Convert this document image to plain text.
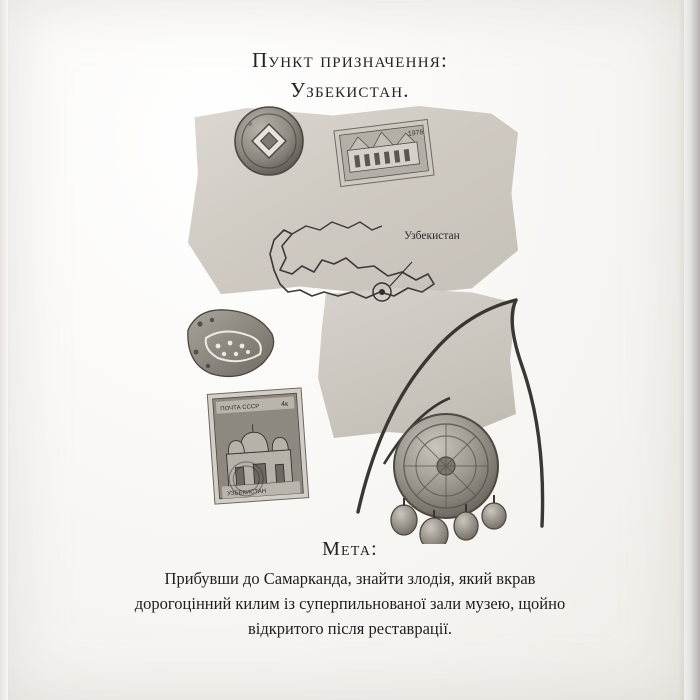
Пункт призначення:
Узбекистан.
Узбекистан
1976
ПОЧТА СССР	4к
УЗБЕКИСТАН
Мета:
Прибувши до Самарканда, знайти злодія, який вкрав дорогоцінний килим із суперпильнованої зали музею, щойно відкритого після реставрації.
